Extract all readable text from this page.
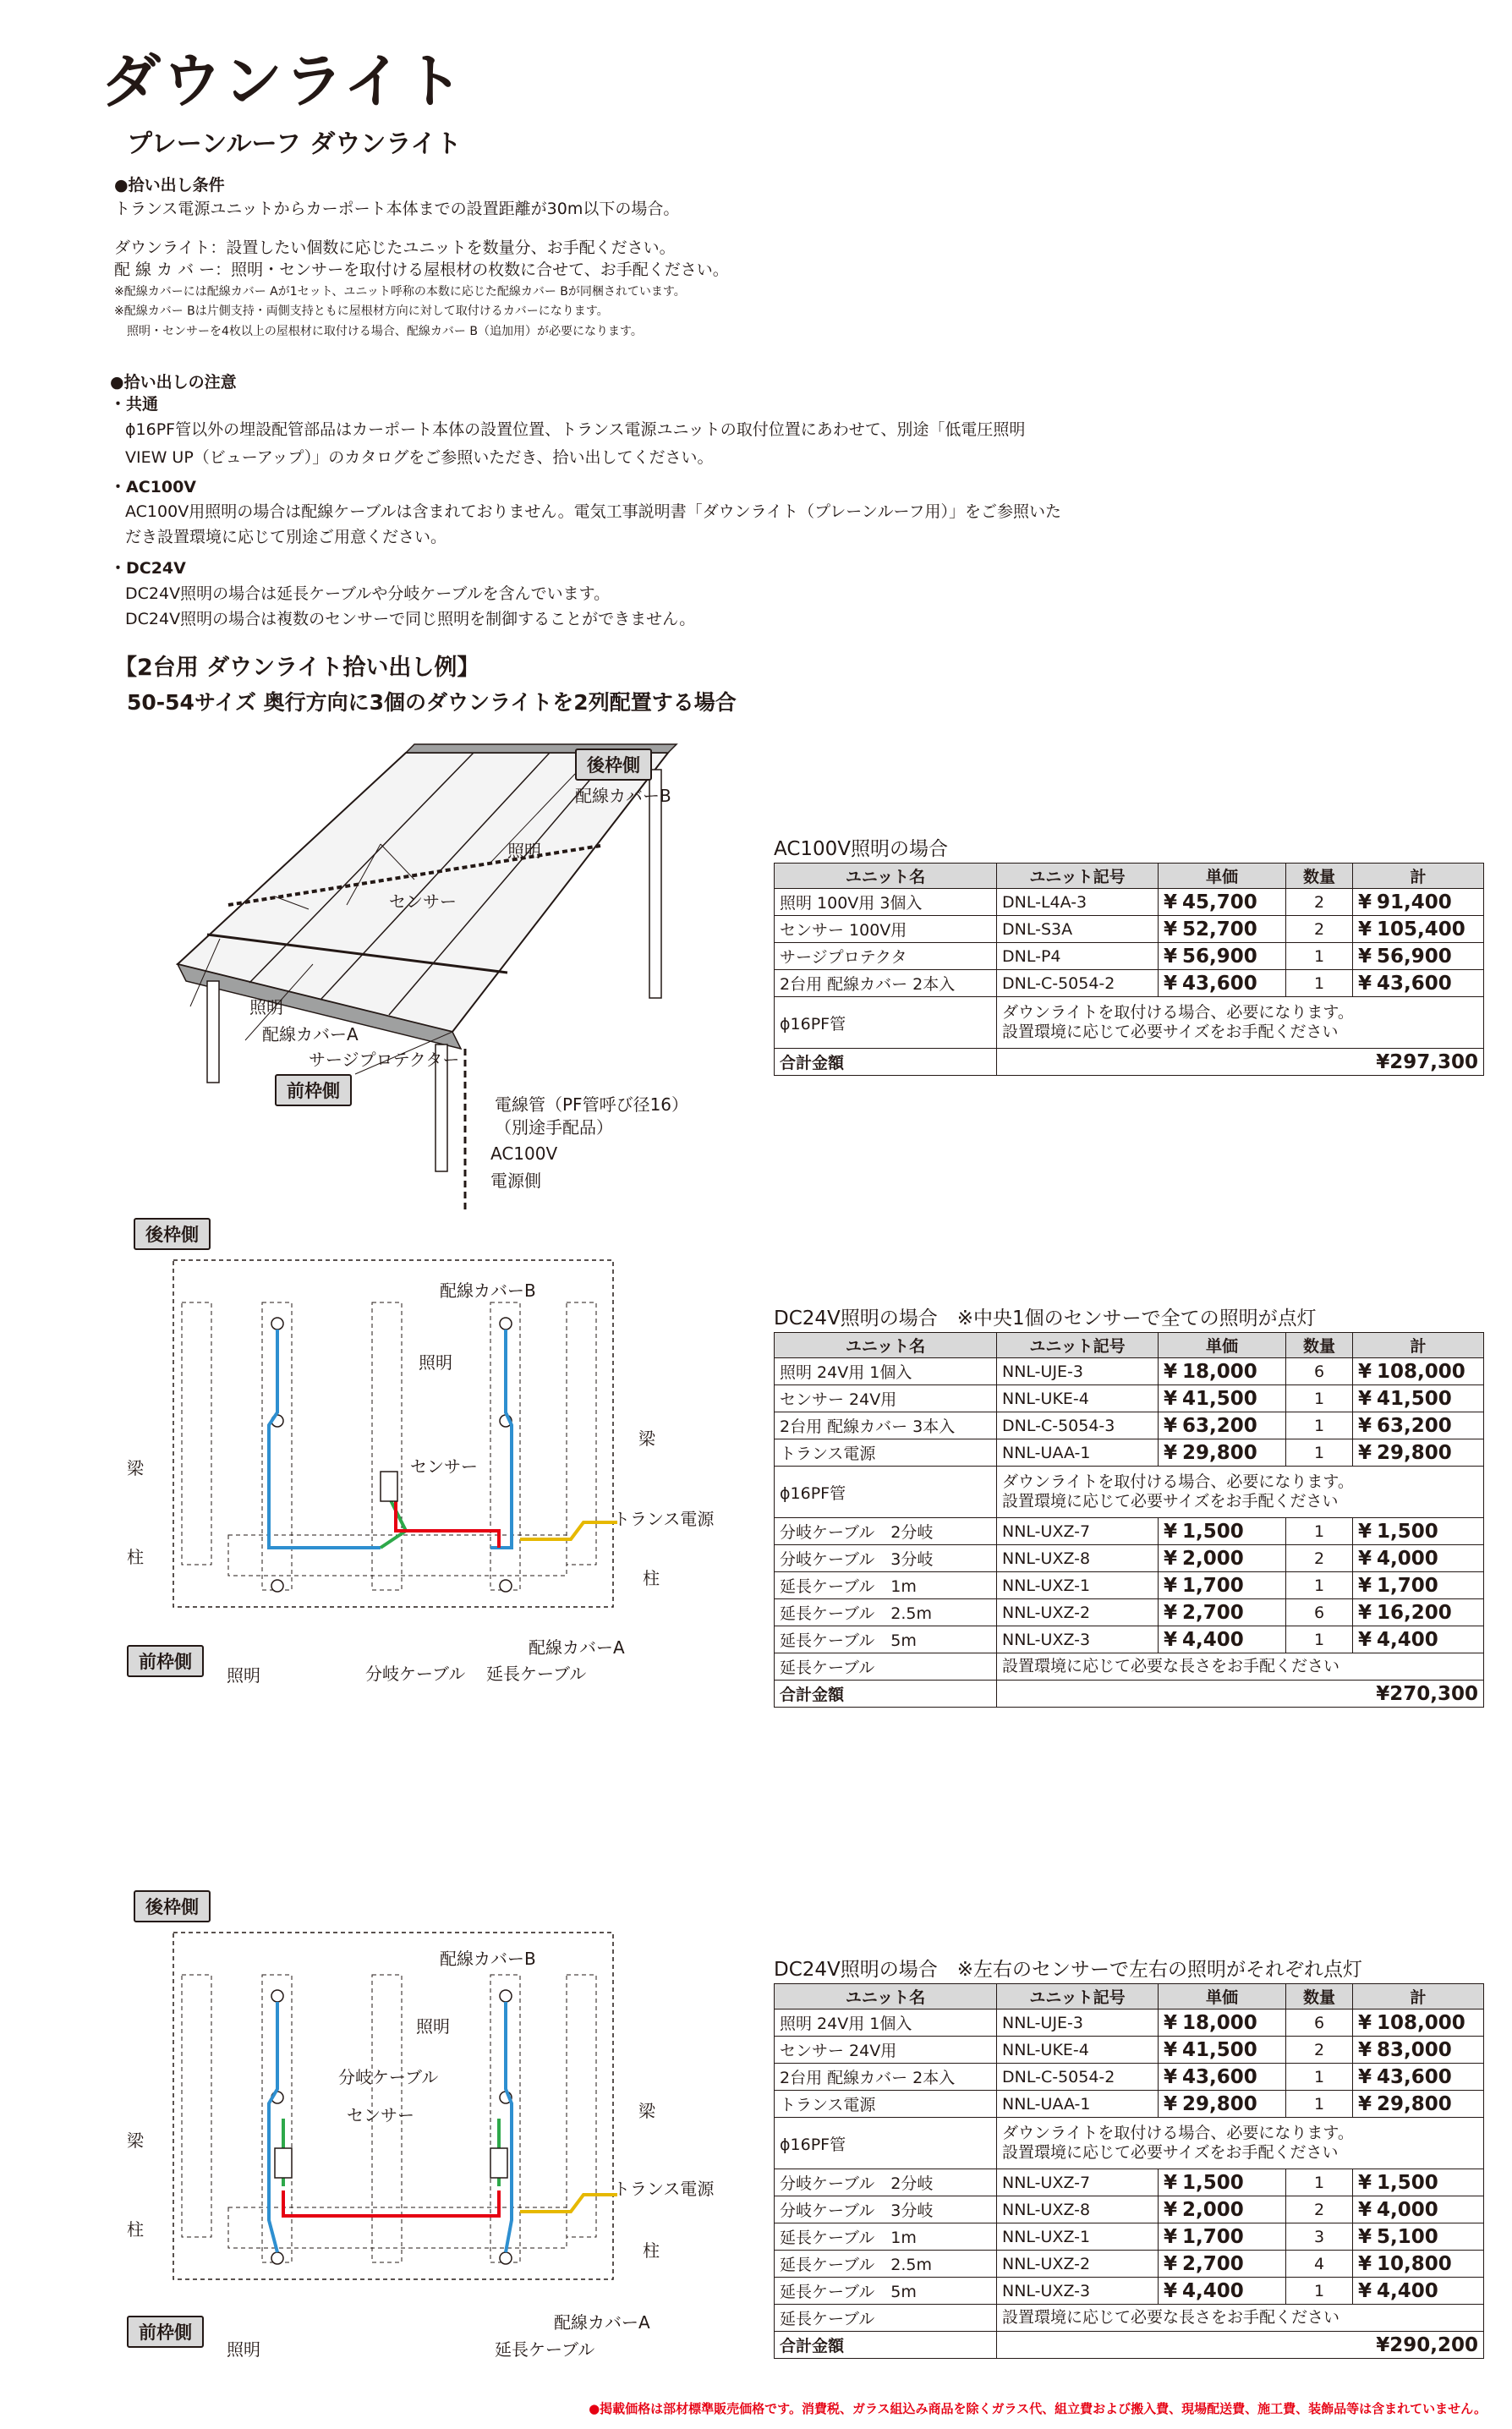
ダウンライト
プレーンルーフ ダウンライト
●拾い出し条件
トランス電源ユニットからカーポート本体までの設置距離が30m以下の場合。
ダウンライト：設置したい個数に応じたユニットを数量分、お手配ください。
配 線 カ バ ー：照明・センサーを取付ける屋根材の枚数に合せて、お手配ください。
※配線カバーには配線カバー Aが1セット、ユニット呼称の本数に応じた配線カバー Bが同梱されています。
※配線カバー Bは片側支持・両側支持ともに屋根材方向に対して取付けるカバーになります。
照明・センサーを4枚以上の屋根材に取付ける場合、配線カバー B（追加用）が必要になります。
●拾い出しの注意
・共通
ϕ16PF管以外の埋設配管部品はカーポート本体の設置位置、トランス電源ユニットの取付位置にあわせて、別途「低電圧照明
VIEW UP（ビューアップ）」のカタログをご参照いただき、拾い出してください。
・AC100V
AC100V用照明の場合は配線ケーブルは含まれておりません。電気工事説明書「ダウンライト（プレーンルーフ用）」をご参照いた
だき設置環境に応じて別途ご用意ください。
・DC24V
DC24V照明の場合は延長ケーブルや分岐ケーブルを含んでいます。
DC24V照明の場合は複数のセンサーで同じ照明を制御することができません。
【2台用 ダウンライト拾い出し例】
50-54サイズ 奥行方向に3個のダウンライトを2列配置する場合
後枠側
配線カバーB
照明
センサー
照明
配線カバーA
サージプロテクター
前枠側
電線管（PF管呼び径16）
（別途手配品）
AC100V
電源側
AC100V照明の場合
ユニット名	ユニット記号	単価	数量	計
照明 100V用 3個入	DNL-L4A-3	¥ 45,700	2	¥ 91,400
センサー 100V用	DNL-S3A	¥ 52,700	2	¥ 105,400
サージプロテクタ	DNL-P4	¥ 56,900	1	¥ 56,900
2台用 配線カバー 2本入	DNL-C-5054-2	¥ 43,600	1	¥ 43,600
ϕ16PF管	ダウンライトを取付ける場合、必要になります。
設置環境に応じて必要サイズをお手配ください			

合計金額	¥297,300			
後枠側
配線カバーB
照明
センサー
梁
梁
柱
トランス電源
柱
前枠側
配線カバーA
照明	分岐ケーブル 延長ケーブル
DC24V照明の場合　※中央1個のセンサーで全ての照明が点灯
ユニット名	ユニット記号	単価	数量	計
照明 24V用 1個入	NNL-UJE-3	¥ 18,000	6	¥ 108,000
センサー 24V用	NNL-UKE-4	¥ 41,500	1	¥ 41,500
2台用 配線カバー 3本入	DNL-C-5054-3	¥ 63,200	1	¥ 63,200
トランス電源	NNL-UAA-1	¥ 29,800	1	¥ 29,800
ϕ16PF管	ダウンライトを取付ける場合、必要になります。
設置環境に応じて必要サイズをお手配ください			

分岐ケーブル　2分岐	NNL-UXZ-7	¥ 1,500	1	¥ 1,500
分岐ケーブル　3分岐	NNL-UXZ-8	¥ 2,000	2	¥ 4,000
延長ケーブル　1m	NNL-UXZ-1	¥ 1,700	1	¥ 1,700
延長ケーブル　2.5m	NNL-UXZ-2	¥ 2,700	6	¥ 16,200
延長ケーブル　5m	NNL-UXZ-3	¥ 4,400	1	¥ 4,400
延長ケーブル	設置環境に応じて必要な長さをお手配ください			
合計金額	¥270,300			
後枠側
配線カバーB
照明
分岐ケーブル
センサー	梁
梁
柱
トランス電源
柱
前枠側	配線カバーA
照明	延長ケーブル
DC24V照明の場合　※左右のセンサーで左右の照明がそれぞれ点灯
ユニット名	ユニット記号	単価	数量	計
照明 24V用 1個入	NNL-UJE-3	¥ 18,000	6	¥ 108,000
センサー 24V用	NNL-UKE-4	¥ 41,500	2	¥ 83,000
2台用 配線カバー 2本入	DNL-C-5054-2	¥ 43,600	1	¥ 43,600
トランス電源	NNL-UAA-1	¥ 29,800	1	¥ 29,800
ϕ16PF管	ダウンライトを取付ける場合、必要になります。
設置環境に応じて必要サイズをお手配ください			

分岐ケーブル　2分岐	NNL-UXZ-7	¥ 1,500	1	¥ 1,500
分岐ケーブル　3分岐	NNL-UXZ-8	¥ 2,000	2	¥ 4,000
延長ケーブル　1m	NNL-UXZ-1	¥ 1,700	3	¥ 5,100
延長ケーブル　2.5m	NNL-UXZ-2	¥ 2,700	4	¥ 10,800
延長ケーブル　5m	NNL-UXZ-3	¥ 4,400	1	¥ 4,400
延長ケーブル	設置環境に応じて必要な長さをお手配ください			
合計金額	¥290,200			
●掲載価格は部材標準販売価格です。消費税、ガラス組込み商品を除くガラス代、組立費および搬入費、現場配送費、施工費、装飾品等は含まれていません。
